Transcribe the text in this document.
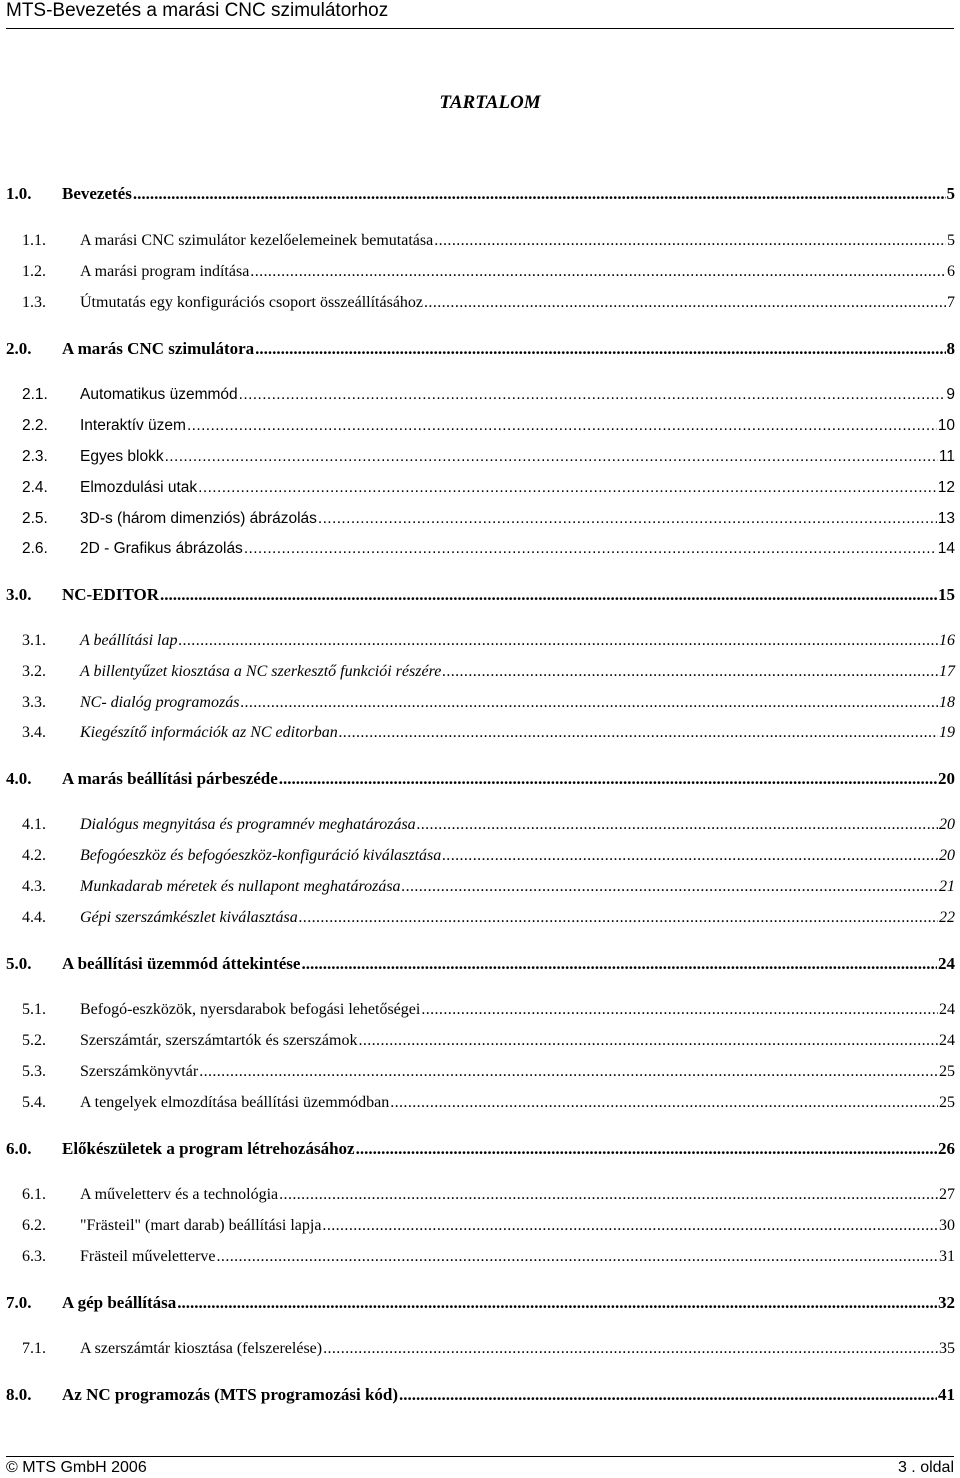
MTS-Bevezetés a marási CNC szimulátorhoz
TARTALOM
1.0.	Bevezetés .....	5
1.1.	A marási CNC szimulátor kezelőelemeinek bemutatása .....	5
1.2.	A marási program indítása .....	6
1.3.	Útmutatás egy konfigurációs csoport összeállításához .....	7
2.0.	A marás CNC szimulátora .....	8
2.1.	Automatikus üzemmód .....	9
2.2.	Interaktív üzem .....	10
2.3.	Egyes blokk .....	11
2.4.	Elmozdulási utak .....	12
2.5.	3D-s (három dimenziós) ábrázolás .....	13
2.6.	2D - Grafikus ábrázolás .....	14
3.0.	NC-EDITOR .....	15
3.1.	A beállítási lap .....	16
3.2.	A billentyűzet kiosztása a NC szerkesztő funkciói részére .....	17
3.3.	NC- dialóg programozás .....	18
3.4.	Kiegészítő információk az NC editorban .....	19
4.0.	A marás beállítási párbeszéde .....	20
4.1.	Dialógus megnyitása és programnév meghatározása .....	20
4.2.	Befogóeszköz és befogóeszköz-konfiguráció kiválasztása .....	20
4.3.	Munkadarab méretek és nullapont meghatározása .....	21
4.4.	Gépi szerszámkészlet kiválasztása .....	22
5.0.	A beállítási üzemmód áttekintése .....	24
5.1.	Befogó-eszközök, nyersdarabok befogási lehetőségei .....	24
5.2.	Szerszámtár, szerszámtartók és szerszámok .....	24
5.3.	Szerszámkönyvtár .....	25
5.4.	A tengelyek elmozdítása beállítási üzemmódban .....	25
6.0.	Előkészületek a program létrehozásához .....	26
6.1.	A műveletterv és a technológia .....	27
6.2.	"Frästeil" (mart darab) beállítási lapja .....	30
6.3.	Frästeil műveletterve .....	31
7.0.	A gép beállítása .....	32
7.1.	A szerszámtár kiosztása (felszerelése) .....	35
8.0.	Az NC programozás (MTS programozási kód) .....	41
© MTS GmbH 2006	3 . oldal
